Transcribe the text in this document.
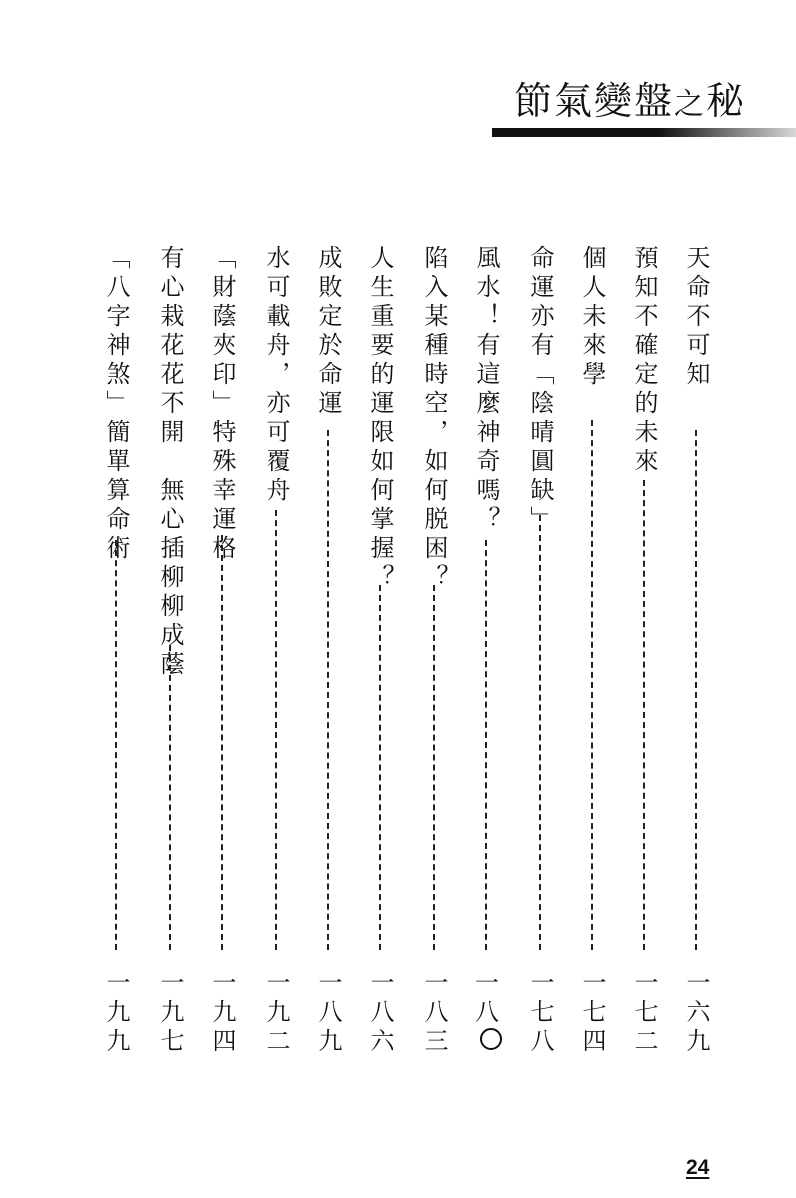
節氣變盤之秘
天命不可知
一六九
預知不確定的未來
一七二
個人未來學
一七四
命運亦有「陰晴圓缺」
一七八
風水！有這麼神奇嗎？
一八
陷入某種時空，如何脱困？
一八三
人生重要的運限如何掌握？
一八六
成敗定於命運
一八九
水可載舟，亦可覆舟
一九二
「財蔭夾印」特殊幸運格
一九四
有心栽花花不開　無心插柳柳成蔭
一九七
「八字神煞」簡單算命術
一九九
24
